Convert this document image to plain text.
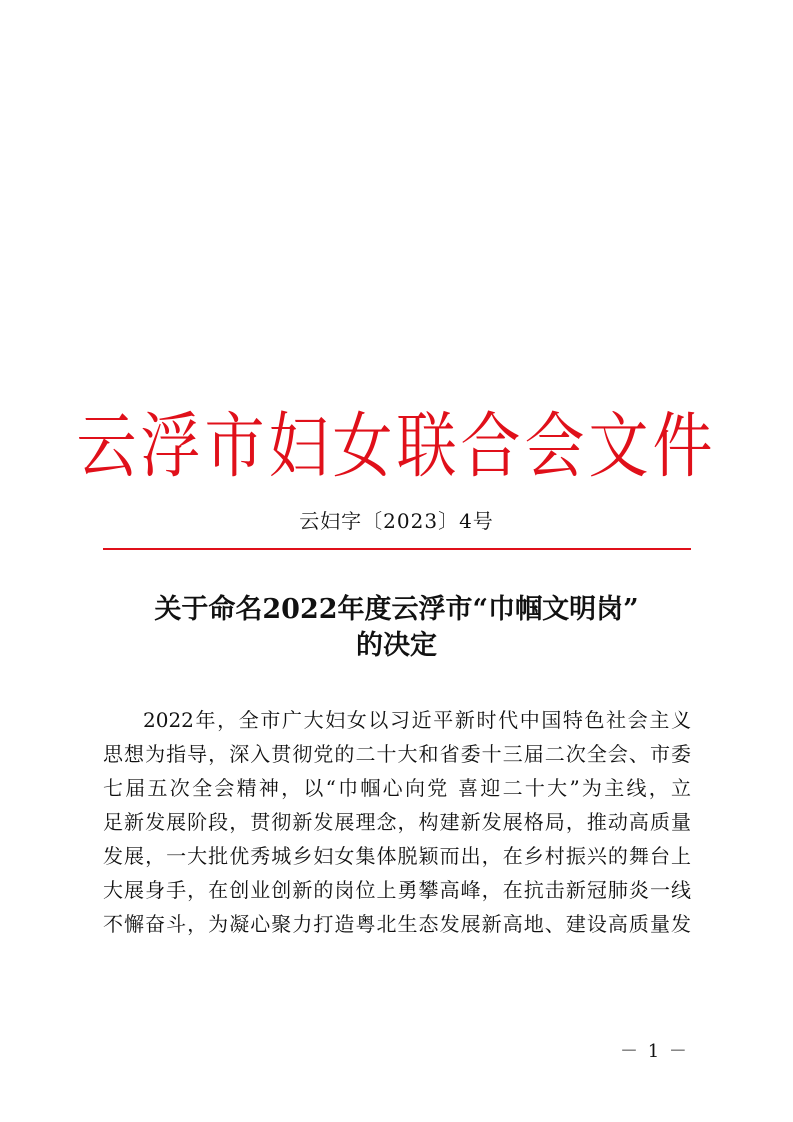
云浮市妇女联合会文件
云妇字〔2023〕4号
关于命名2022年度云浮市“巾帼文明岗”
的决定
2022年，全市广大妇女以习近平新时代中国特色社会主义
思想为指导，深入贯彻党的二十大和省委十三届二次全会、市委
七届五次全会精神，以“巾帼心向党 喜迎二十大”为主线，立
足新发展阶段，贯彻新发展理念，构建新发展格局，推动高质量
发展，一大批优秀城乡妇女集体脱颖而出，在乡村振兴的舞台上
大展身手，在创业创新的岗位上勇攀高峰，在抗击新冠肺炎一线
不懈奋斗，为凝心聚力打造粤北生态发展新高地、建设高质量发
－ 1 －
